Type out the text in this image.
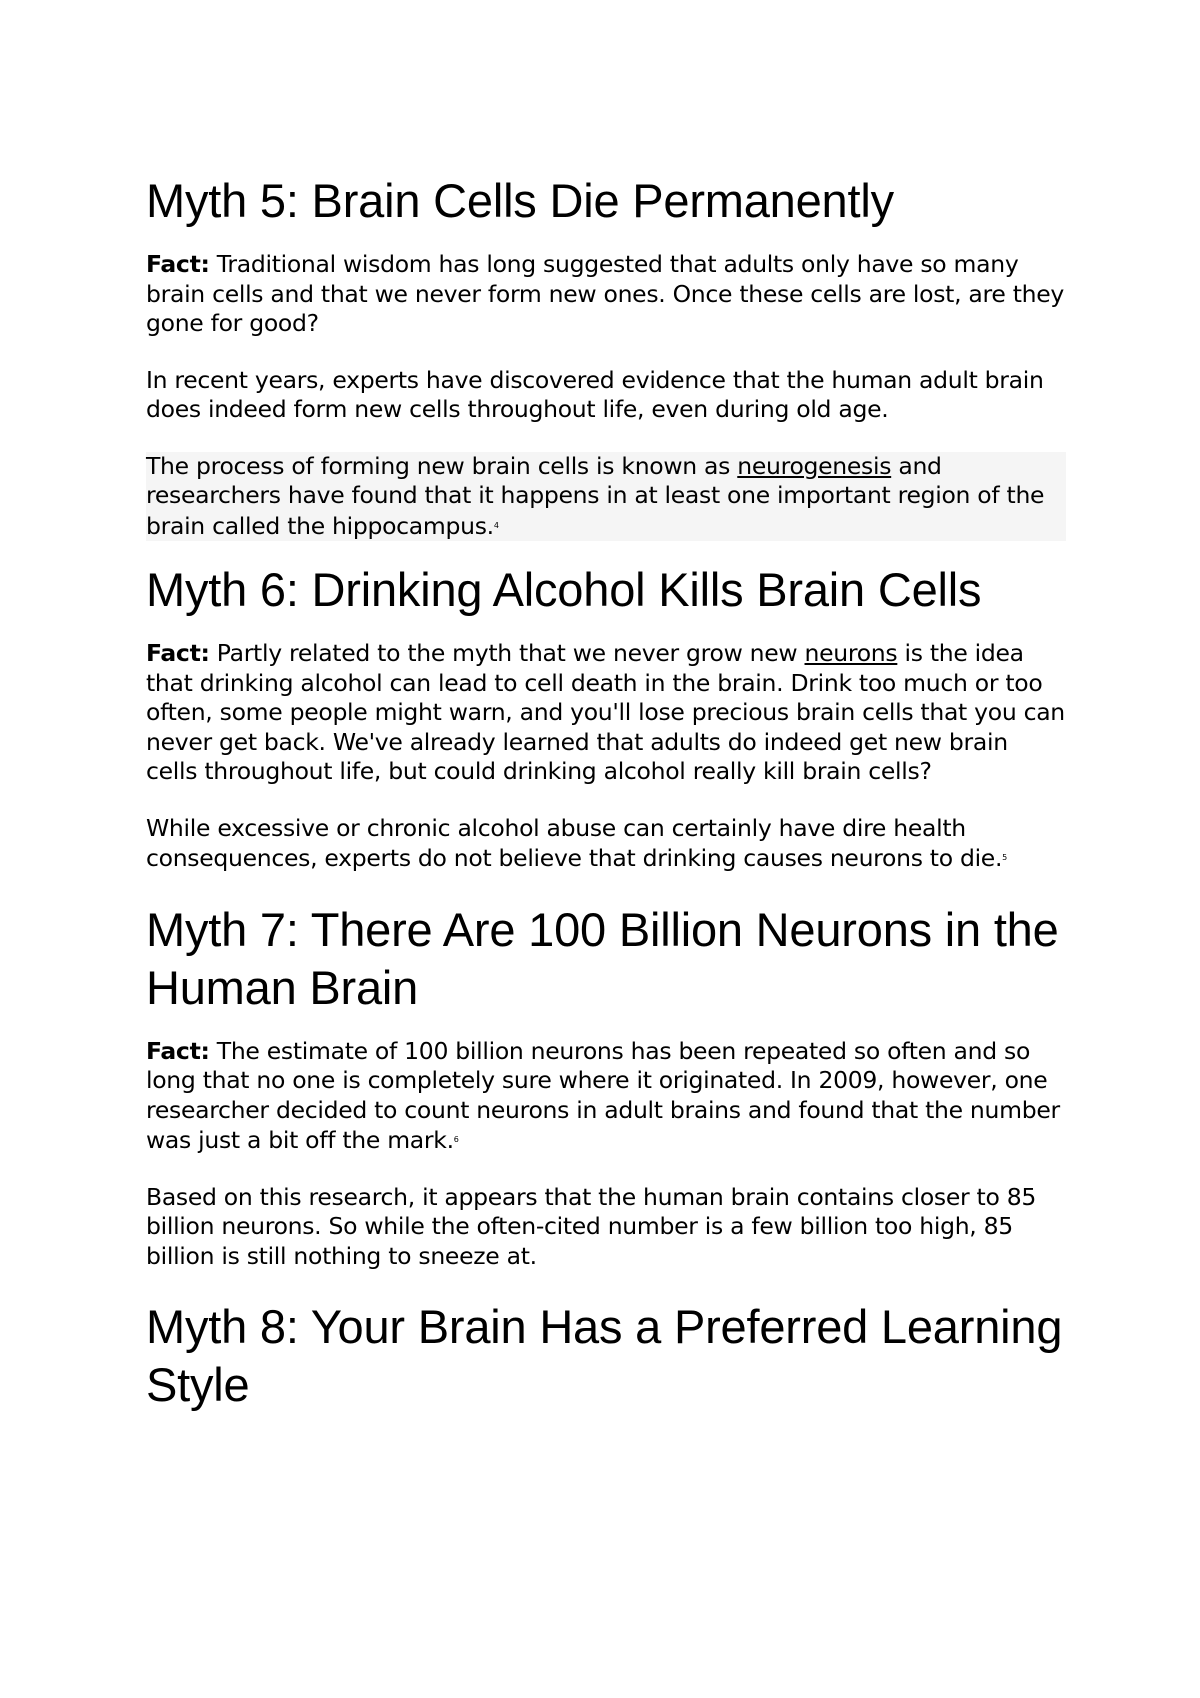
Myth 5: Brain Cells Die Permanently

Fact: Traditional wisdom has long suggested that adults only have so many brain cells and that we never form new ones. Once these cells are lost, are they gone for good?

In recent years, experts have discovered evidence that the human adult brain does indeed form new cells throughout life, even during old age.

The process of forming new brain cells is known as neurogenesis and researchers have found that it happens in at least one important region of the brain called the hippocampus.$^4$

Myth 6: Drinking Alcohol Kills Brain Cells

Fact: Partly related to the myth that we never grow new neurons is the idea that drinking alcohol can lead to cell death in the brain. Drink too much or too often, some people might warn, and you'll lose precious brain cells that you can never get back. We've already learned that adults do indeed get new brain cells throughout life, but could drinking alcohol really kill brain cells?

While excessive or chronic alcohol abuse can certainly have dire health consequences, experts do not believe that drinking causes neurons to die.$^5$

Myth 7: There Are 100 Billion Neurons in the Human Brain

Fact: The estimate of 100 billion neurons has been repeated so often and so long that no one is completely sure where it originated. In 2009, however, one researcher decided to count neurons in adult brains and found that the number was just a bit off the mark.$^6$

Based on this research, it appears that the human brain contains closer to 85 billion neurons. So while the often-cited number is a few billion too high, 85 billion is still nothing to sneeze at.

Myth 8: Your Brain Has a Preferred Learning Style
